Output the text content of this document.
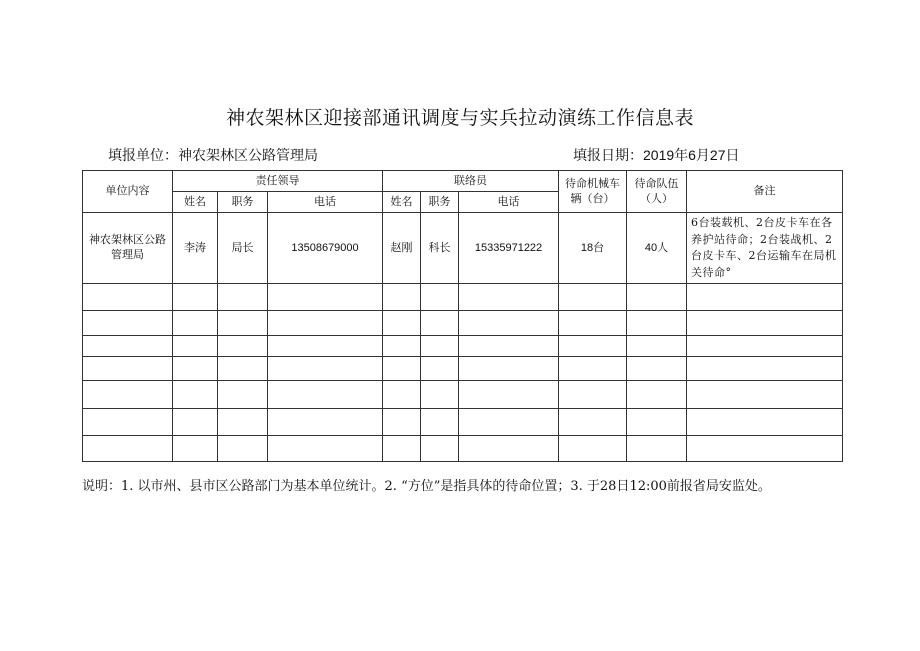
神农架林区迎接部通讯调度与实兵拉动演练工作信息表
填报单位：神农架林区公路管理局	填报日期：2019年6月27日
单位内容	责任领导			联络员			待命机械车辆（台）	待命队伍（人）	备注
	姓名	职务	电话	姓名	职务	电话			
神农架林区公路管理局	李涛	局长	13508679000	赵刚	科长	15335971222	18台	40人	6台装载机、2台皮卡车在各养护站待命；2台装战机、2台皮卡车、2台运输车在局机关待命°

说明：1. 以市州、县市区公路部门为基本单位统计。2. “方位”是指具体的待命位置；3. 于28日12:00前报省局安监处。
